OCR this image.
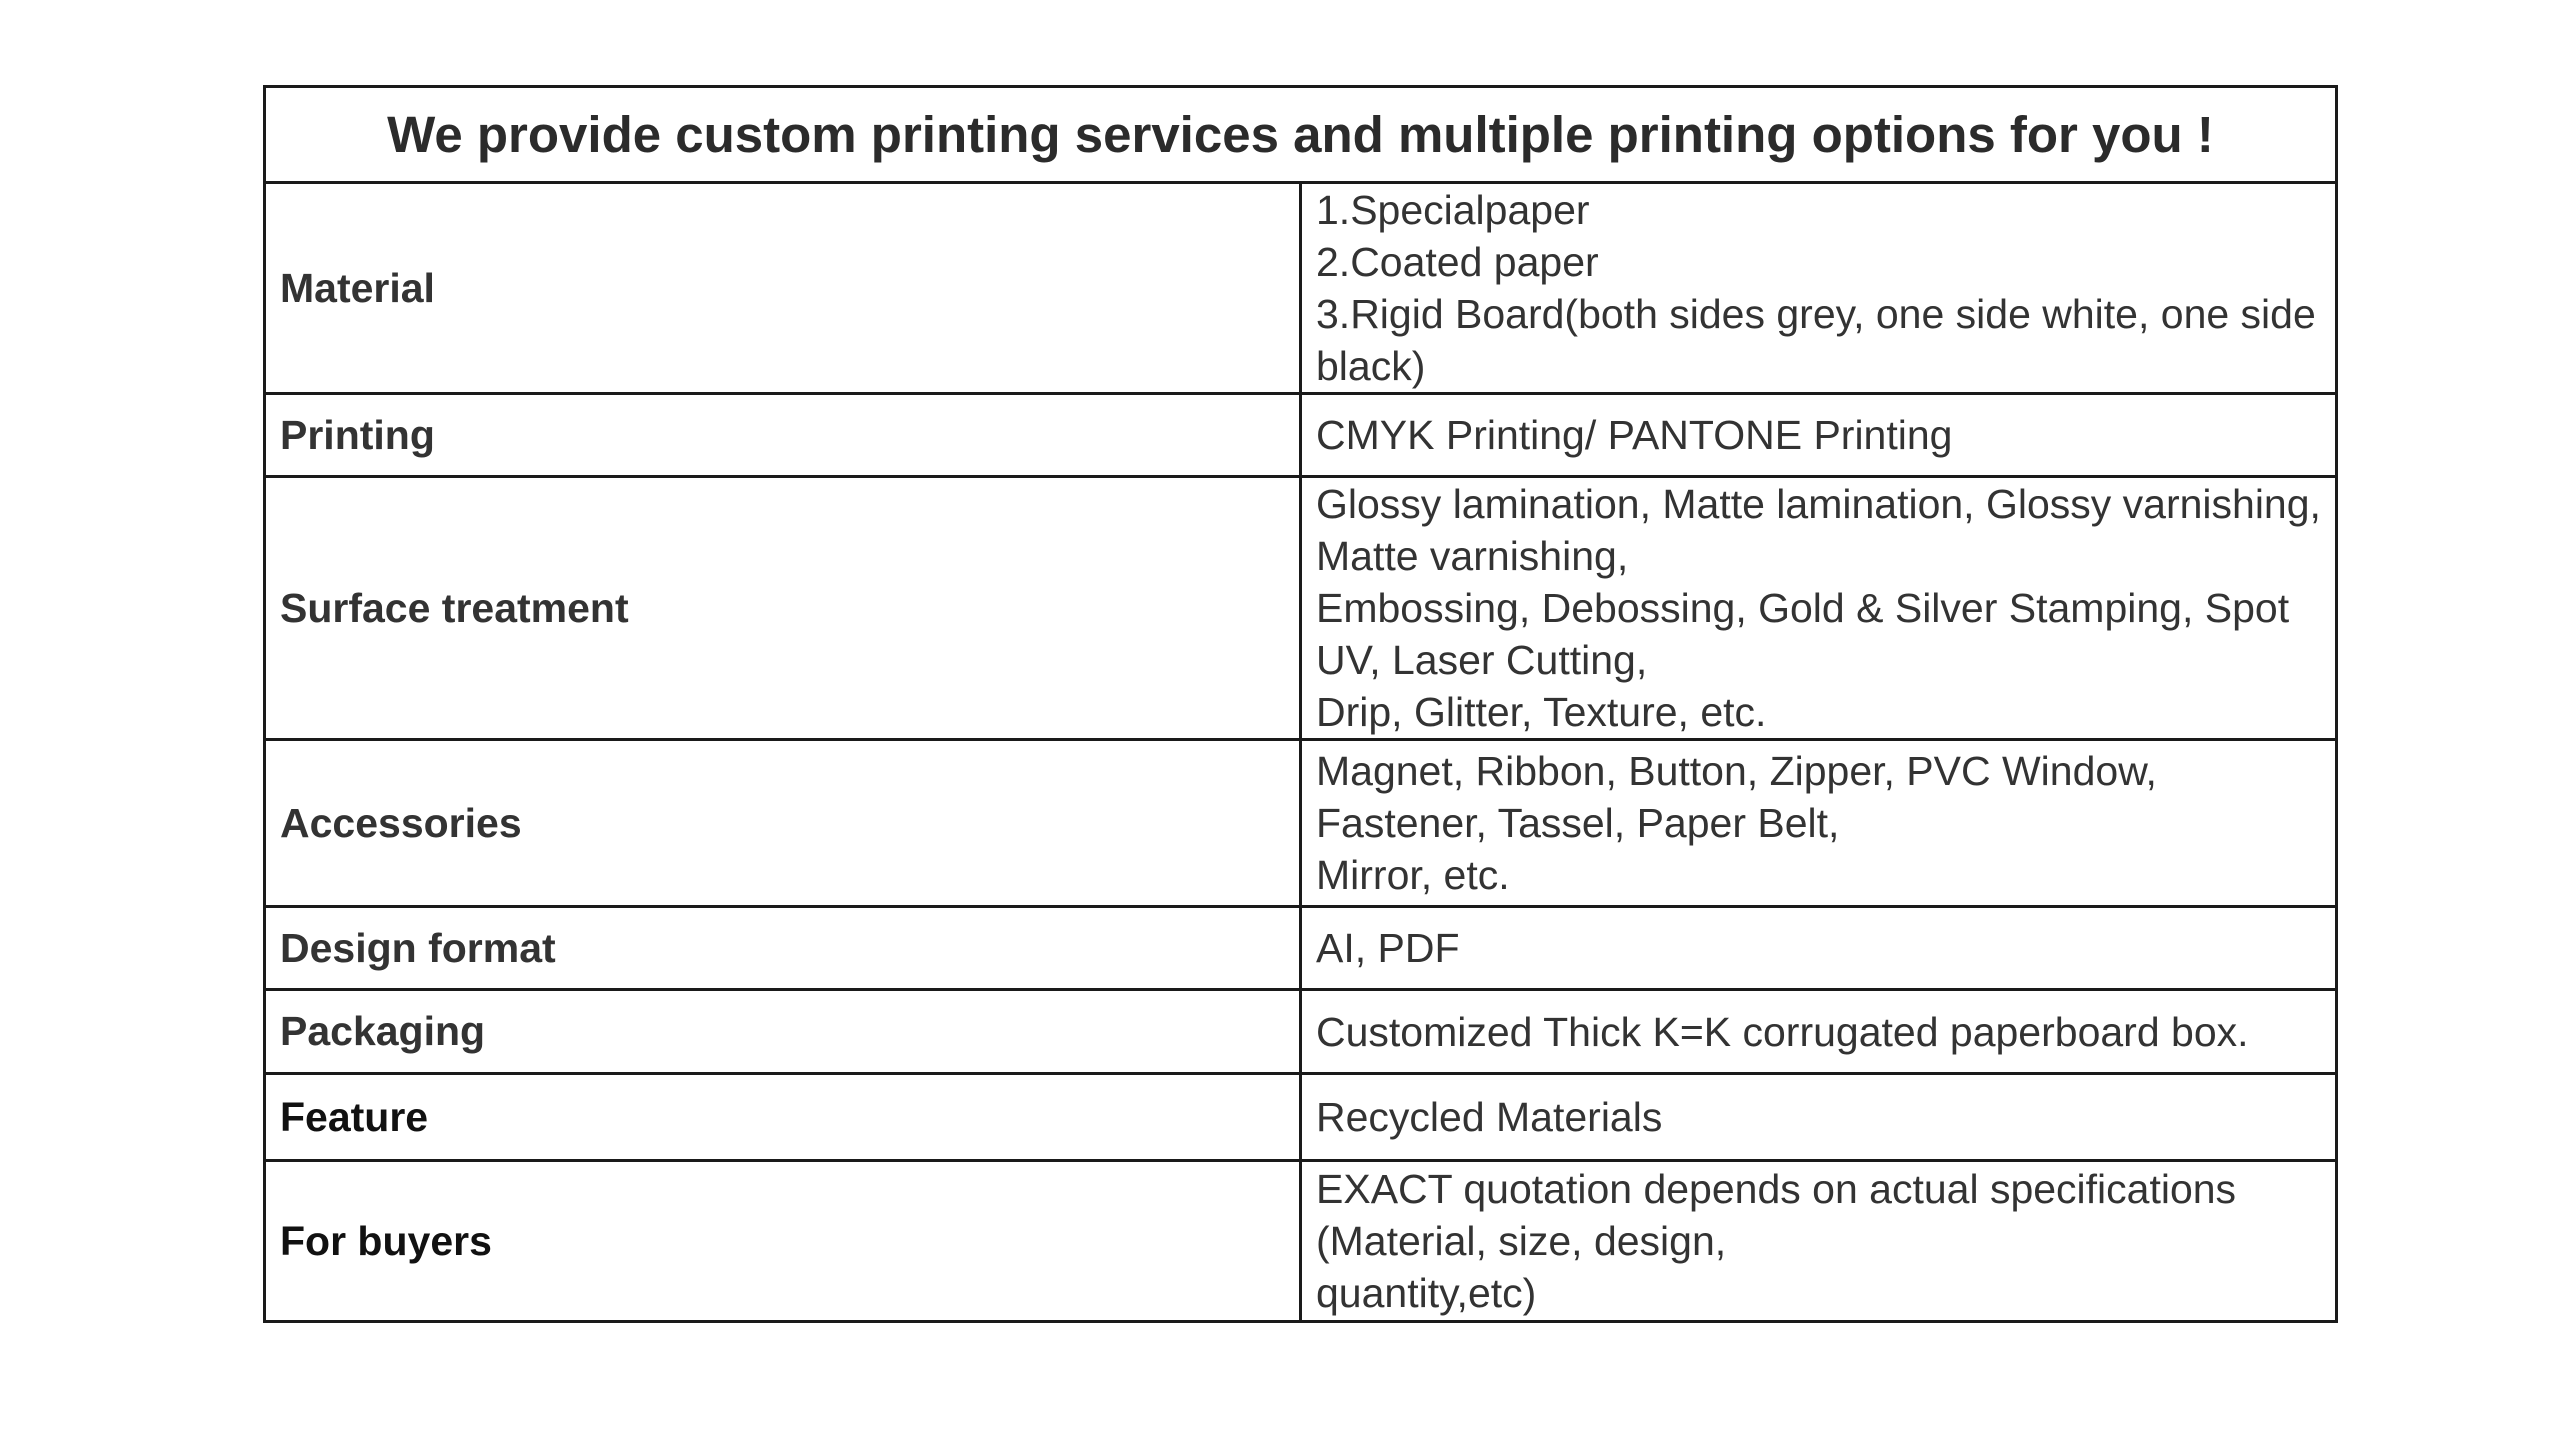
We provide custom printing services and multiple printing options for you !	
Material	1.Specialpaper
2.Coated paper
3.Rigid Board(both sides grey, one side white, one side black)

Printing	CMYK Printing/ PANTONE Printing

Surface treatment	Glossy lamination, Matte lamination, Glossy varnishing, Matte varnishing,
Embossing, Debossing, Gold & Silver Stamping, Spot UV, Laser Cutting,
Drip, Glitter, Texture, etc.

Accessories	Magnet, Ribbon, Button, Zipper, PVC Window, Fastener, Tassel, Paper Belt,
Mirror, etc.

Design format	AI, PDF

Packaging	Customized Thick K=K corrugated paperboard box.

Feature	Recycled Materials

For buyers	EXACT quotation depends on actual specifications (Material, size, design,
quantity,etc)
